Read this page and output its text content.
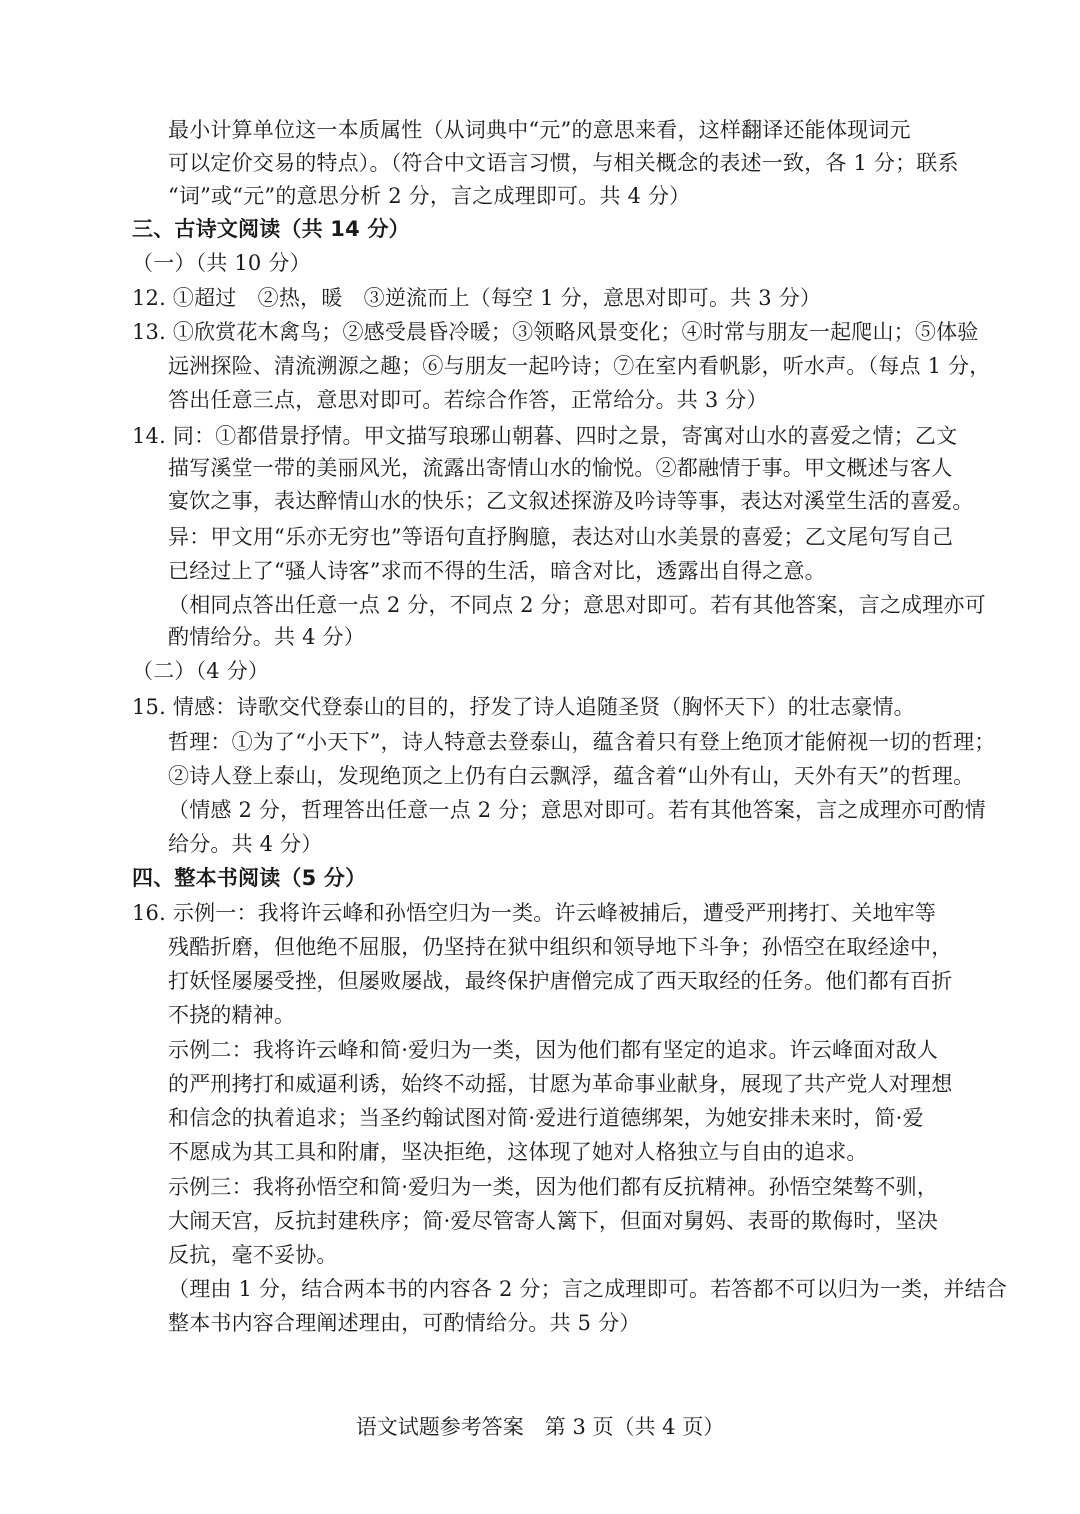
最小计算单位这一本质属性（从词典中“元”的意思来看，这样翻译还能体现词元
可以定价交易的特点）。（符合中文语言习惯，与相关概念的表述一致，各 1 分；联系
“词”或“元”的意思分析 2 分，言之成理即可。共 4 分）
三、古诗文阅读（共 14 分）
（一）（共 10 分）
12. ①超过　②热，暖　③逆流而上（每空 1 分，意思对即可。共 3 分）
13. ①欣赏花木禽鸟；②感受晨昏冷暖；③领略风景变化；④时常与朋友一起爬山；⑤体验
远洲探险、清流溯源之趣；⑥与朋友一起吟诗；⑦在室内看帆影，听水声。（每点 1 分，
答出任意三点，意思对即可。若综合作答，正常给分。共 3 分）
14. 同：①都借景抒情。甲文描写琅琊山朝暮、四时之景，寄寓对山水的喜爱之情；乙文
描写溪堂一带的美丽风光，流露出寄情山水的愉悦。②都融情于事。甲文概述与客人
宴饮之事，表达醉情山水的快乐；乙文叙述探游及吟诗等事，表达对溪堂生活的喜爱。
异：甲文用“乐亦无穷也”等语句直抒胸臆，表达对山水美景的喜爱；乙文尾句写自己
已经过上了“骚人诗客”求而不得的生活，暗含对比，透露出自得之意。
（相同点答出任意一点 2 分，不同点 2 分；意思对即可。若有其他答案，言之成理亦可
酌情给分。共 4 分）
（二）（4 分）
15. 情感：诗歌交代登泰山的目的，抒发了诗人追随圣贤（胸怀天下）的壮志豪情。
哲理：①为了“小天下”，诗人特意去登泰山，蕴含着只有登上绝顶才能俯视一切的哲理；
②诗人登上泰山，发现绝顶之上仍有白云飘浮，蕴含着“山外有山，天外有天”的哲理。
（情感 2 分，哲理答出任意一点 2 分；意思对即可。若有其他答案，言之成理亦可酌情
给分。共 4 分）
四、整本书阅读（5 分）
16. 示例一：我将许云峰和孙悟空归为一类。许云峰被捕后，遭受严刑拷打、关地牢等
残酷折磨，但他绝不屈服，仍坚持在狱中组织和领导地下斗争；孙悟空在取经途中，
打妖怪屡屡受挫，但屡败屡战，最终保护唐僧完成了西天取经的任务。他们都有百折
不挠的精神。
示例二：我将许云峰和简·爱归为一类，因为他们都有坚定的追求。许云峰面对敌人
的严刑拷打和威逼利诱，始终不动摇，甘愿为革命事业献身，展现了共产党人对理想
和信念的执着追求；当圣约翰试图对简·爱进行道德绑架，为她安排未来时，简·爱
不愿成为其工具和附庸，坚决拒绝，这体现了她对人格独立与自由的追求。
示例三：我将孙悟空和简·爱归为一类，因为他们都有反抗精神。孙悟空桀骜不驯，
大闹天宫，反抗封建秩序；简·爱尽管寄人篱下，但面对舅妈、表哥的欺侮时，坚决
反抗，毫不妥协。
（理由 1 分，结合两本书的内容各 2 分；言之成理即可。若答都不可以归为一类，并结合
整本书内容合理阐述理由，可酌情给分。共 5 分）
语文试题参考答案　第 3 页（共 4 页）
